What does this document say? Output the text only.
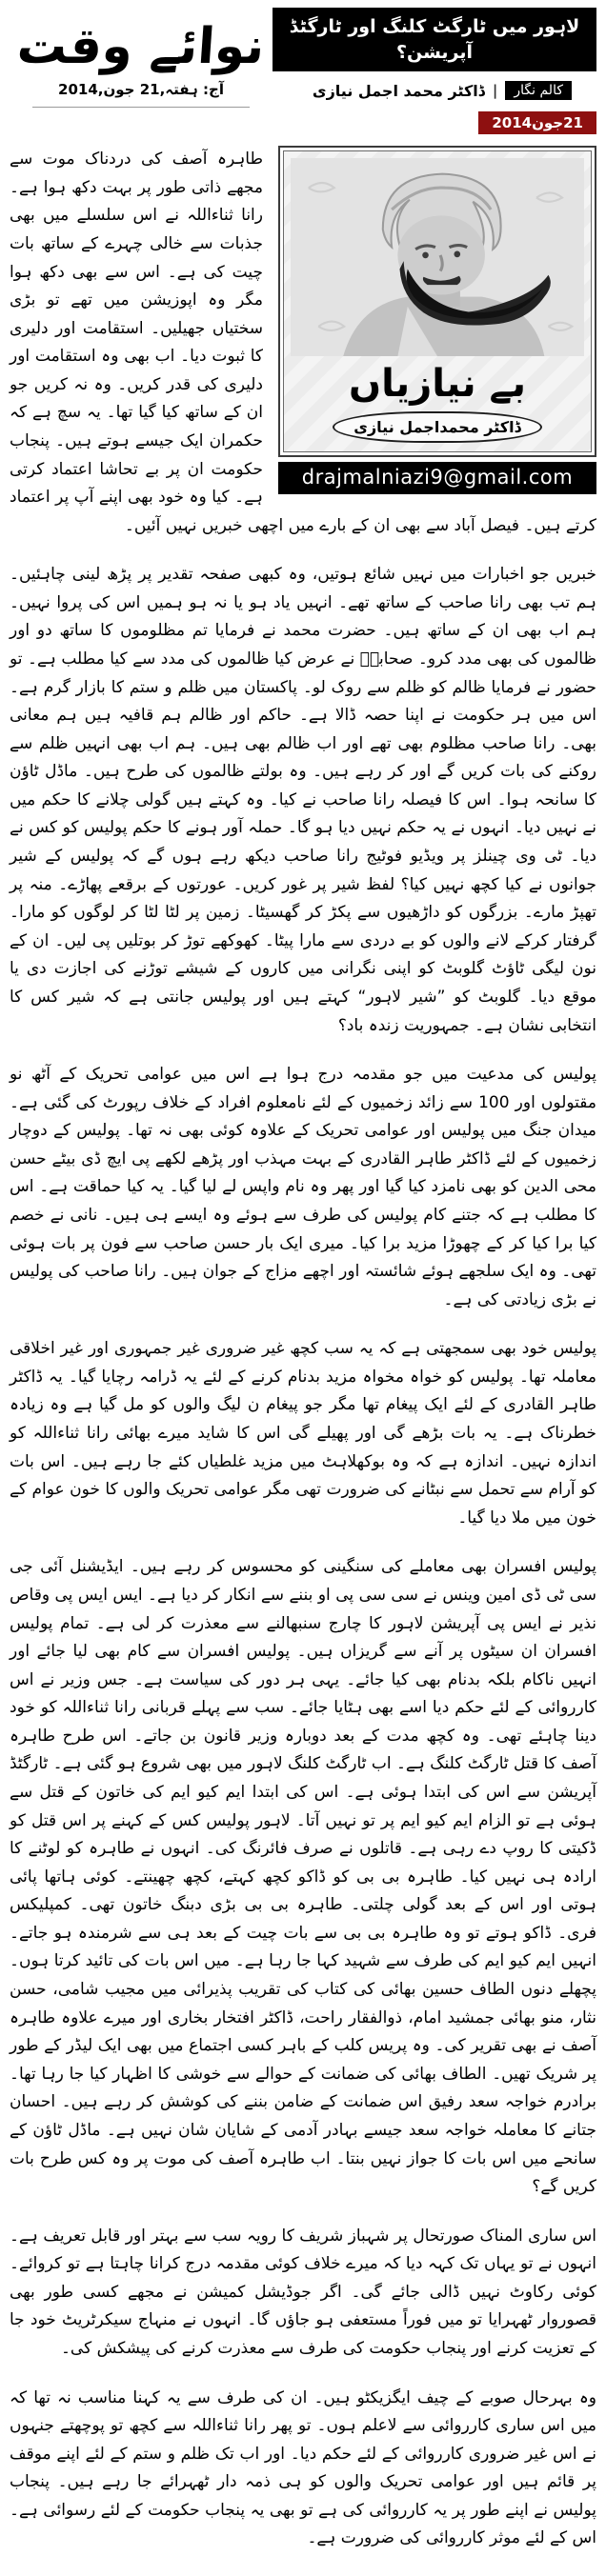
لاہور میں ٹارگٹ کلنگ اور ٹارگٹڈ آپریشن؟
کالم نگار
|
ڈاکٹر محمد اجمل نیازی
21جون2014
نوائے وقت
آج: ہفتہ,21 جون,2014
بے نیازیاں
ڈاکٹر محمداجمل نیازی
drajmalniazi9@gmail.com

طاہرہ آصف کی دردناک موت سے مجھے ذاتی طور پر بہت دکھ ہوا ہے۔ رانا ثناءاللہ نے اس سلسلے میں بھی جذبات سے خالی چہرے کے ساتھ بات چیت کی ہے۔ اس سے بھی دکھ ہوا مگر وہ اپوزیشن میں تھے تو بڑی سختیاں جھیلیں۔ استقامت اور دلیری کا ثبوت دیا۔ اب بھی وہ استقامت اور دلیری کی قدر کریں۔ وہ نہ کریں جو ان کے ساتھ کیا گیا تھا۔ یہ سچ ہے کہ حکمران ایک جیسے ہوتے ہیں۔ پنجاب حکومت ان پر بے تحاشا اعتماد کرتی ہے۔ کیا وہ خود بھی اپنے آپ پر اعتماد کرتے ہیں۔ فیصل آباد سے بھی ان کے بارے میں اچھی خبریں نہیں آئیں۔

خبریں جو اخبارات میں نہیں شائع ہوتیں، وہ کبھی صفحہ تقدیر پر پڑھ لینی چاہئیں۔ ہم تب بھی رانا صاحب کے ساتھ تھے۔ انہیں یاد ہو یا نہ ہو ہمیں اس کی پروا نہیں۔ ہم اب بھی ان کے ساتھ ہیں۔ حضرت محمد نے فرمایا تم مظلوموں کا ساتھ دو اور ظالموں کی بھی مدد کرو۔ صحابہؓ نے عرض کیا ظالموں کی مدد سے کیا مطلب ہے۔ تو حضور نے فرمایا ظالم کو ظلم سے روک لو۔ پاکستان میں ظلم و ستم کا بازار گرم ہے۔ اس میں ہر حکومت نے اپنا حصہ ڈالا ہے۔ حاکم اور ظالم ہم قافیہ ہیں ہم معانی بھی۔ رانا صاحب مظلوم بھی تھے اور اب ظالم بھی ہیں۔ ہم اب بھی انہیں ظلم سے روکنے کی بات کریں گے اور کر رہے ہیں۔ وہ بولتے ظالموں کی طرح ہیں۔ ماڈل ٹاؤن کا سانحہ ہوا۔ اس کا فیصلہ رانا صاحب نے کیا۔ وہ کہتے ہیں گولی چلانے کا حکم میں نے نہیں دیا۔ انہوں نے یہ حکم نہیں دیا ہو گا۔ حملہ آور ہونے کا حکم پولیس کو کس نے دیا۔ ٹی وی چینلز پر ویڈیو فوٹیج رانا صاحب دیکھ رہے ہوں گے کہ پولیس کے شیر جوانوں نے کیا کچھ نہیں کیا؟ لفظ شیر پر غور کریں۔ عورتوں کے برقعے پھاڑے۔ منہ پر تھپڑ مارے۔ بزرگوں کو داڑھیوں سے پکڑ کر گھسیٹا۔ زمین پر لٹا لٹا کر لوگوں کو مارا۔ گرفتار کرکے لانے والوں کو بے دردی سے مارا پیٹا۔ کھوکھے توڑ کر بوتلیں پی لیں۔ ان کے نون لیگی ٹاؤٹ گلوبٹ کو اپنی نگرانی میں کاروں کے شیشے توڑنے کی اجازت دی یا موقع دیا۔ گلوبٹ کو ”شیر لاہور“ کہتے ہیں اور پولیس جانتی ہے کہ شیر کس کا انتخابی نشان ہے۔ جمہوریت زندہ باد؟

پولیس کی مدعیت میں جو مقدمہ درج ہوا ہے اس میں عوامی تحریک کے آٹھ نو مقتولوں اور 100 سے زائد زخمیوں کے لئے نامعلوم افراد کے خلاف رپورٹ کی گئی ہے۔ میدان جنگ میں پولیس اور عوامی تحریک کے علاوہ کوئی بھی نہ تھا۔ پولیس کے دوچار زخمیوں کے لئے ڈاکٹر طاہر القادری کے بہت مہذب اور پڑھے لکھے پی ایچ ڈی بیٹے حسن محی الدین کو بھی نامزد کیا گیا اور پھر وہ نام واپس لے لیا گیا۔ یہ کیا حماقت ہے۔ اس کا مطلب ہے کہ جتنے کام پولیس کی طرف سے ہوئے وہ ایسے ہی ہیں۔ نانی نے خصم کیا برا کیا کر کے چھوڑا مزید برا کیا۔ میری ایک بار حسن صاحب سے فون پر بات ہوئی تھی۔ وہ ایک سلجھے ہوئے شائستہ اور اچھے مزاج کے جوان ہیں۔ رانا صاحب کی پولیس نے بڑی زیادتی کی ہے۔

پولیس خود بھی سمجھتی ہے کہ یہ سب کچھ غیر ضروری غیر جمہوری اور غیر اخلاقی معاملہ تھا۔ پولیس کو خواہ مخواہ مزید بدنام کرنے کے لئے یہ ڈرامہ رچایا گیا۔ یہ ڈاکٹر طاہر القادری کے لئے ایک پیغام تھا مگر جو پیغام ن لیگ والوں کو مل گیا ہے وہ زیادہ خطرناک ہے۔ یہ بات بڑھے گی اور پھیلے گی اس کا شاید میرے بھائی رانا ثناءاللہ کو اندازہ نہیں۔ اندازہ ہے کہ وہ بوکھلاہٹ میں مزید غلطیاں کئے جا رہے ہیں۔ اس بات کو آرام سے تحمل سے نبٹانے کی ضرورت تھی مگر عوامی تحریک والوں کا خون عوام کے خون میں ملا دیا گیا۔

پولیس افسران بھی معاملے کی سنگینی کو محسوس کر رہے ہیں۔ ایڈیشنل آئی جی سی ٹی ڈی امین وینس نے سی سی پی او بننے سے انکار کر دیا ہے۔ ایس ایس پی وقاص نذیر نے ایس پی آپریشن لاہور کا چارج سنبھالنے سے معذرت کر لی ہے۔ تمام پولیس افسران ان سیٹوں پر آنے سے گریزاں ہیں۔ پولیس افسران سے کام بھی لیا جائے اور انہیں ناکام بلکہ بدنام بھی کیا جائے۔ یہی ہر دور کی سیاست ہے۔ جس وزیر نے اس کارروائی کے لئے حکم دیا اسے بھی ہٹایا جائے۔ سب سے پہلے قربانی رانا ثناءاللہ کو خود دینا چاہئے تھی۔ وہ کچھ مدت کے بعد دوبارہ وزیر قانون بن جاتے۔ اس طرح طاہرہ آصف کا قتل ٹارگٹ کلنگ ہے۔ اب ٹارگٹ کلنگ لاہور میں بھی شروع ہو گئی ہے۔ ٹارگٹڈ آپریشن سے اس کی ابتدا ہوئی ہے۔ اس کی ابتدا ایم کیو ایم کی خاتون کے قتل سے ہوئی ہے تو الزام ایم کیو ایم پر تو نہیں آتا۔ لاہور پولیس کس کے کہنے پر اس قتل کو ڈکیتی کا روپ دے رہی ہے۔ قاتلوں نے صرف فائرنگ کی۔ انہوں نے طاہرہ کو لوٹنے کا ارادہ ہی نہیں کیا۔ طاہرہ بی بی کو ڈاکو کچھ کہتے، کچھ چھینتے۔ کوئی ہاتھا پائی ہوتی اور اس کے بعد گولی چلتی۔ طاہرہ بی بی بڑی دبنگ خاتون تھی۔ کمپلیکس فری۔ ڈاکو ہوتے تو وہ طاہرہ بی بی سے بات چیت کے بعد ہی سے شرمندہ ہو جاتے۔ انہیں ایم کیو ایم کی طرف سے شہید کہا جا رہا ہے۔ میں اس بات کی تائید کرتا ہوں۔ پچھلے دنوں الطاف حسین بھائی کی کتاب کی تقریب پذیرائی میں مجیب شامی، حسن نثار، منو بھائی جمشید امام، ذوالفقار راحت، ڈاکٹر افتخار بخاری اور میرے علاوہ طاہرہ آصف نے بھی تقریر کی۔ وہ پریس کلب کے باہر کسی اجتماع میں بھی ایک لیڈر کے طور پر شریک تھیں۔ الطاف بھائی کی ضمانت کے حوالے سے خوشی کا اظہار کیا جا رہا تھا۔ برادرم خواجہ سعد رفیق اس ضمانت کے ضامن بننے کی کوشش کر رہے ہیں۔ احسان جتانے کا معاملہ خواجہ سعد جیسے بہادر آدمی کے شایان شان نہیں ہے۔ ماڈل ٹاؤن کے سانحے میں اس بات کا جواز نہیں بنتا۔ اب طاہرہ آصف کی موت پر وہ کس طرح بات کریں گے؟

اس ساری المناک صورتحال پر شہباز شریف کا رویہ سب سے بہتر اور قابل تعریف ہے۔ انہوں نے تو یہاں تک کہہ دیا کہ میرے خلاف کوئی مقدمہ درج کرانا چاہتا ہے تو کروائے۔ کوئی رکاوٹ نہیں ڈالی جائے گی۔ اگر جوڈیشل کمیشن نے مجھے کسی طور بھی قصوروار ٹھہرایا تو میں فوراً مستعفی ہو جاؤں گا۔ انہوں نے منہاج سیکرٹریٹ خود جا کے تعزیت کرنے اور پنجاب حکومت کی طرف سے معذرت کرنے کی پیشکش کی۔

وہ بہرحال صوبے کے چیف ایگزیکٹو ہیں۔ ان کی طرف سے یہ کہنا مناسب نہ تھا کہ میں اس ساری کارروائی سے لاعلم ہوں۔ تو پھر رانا ثناءاللہ سے کچھ تو پوچھتے جنہوں نے اس غیر ضروری کارروائی کے لئے حکم دیا۔ اور اب تک ظلم و ستم کے لئے اپنے موقف پر قائم ہیں اور عوامی تحریک والوں کو ہی ذمہ دار ٹھہرائے جا رہے ہیں۔ پنجاب پولیس نے اپنے طور پر یہ کارروائی کی ہے تو بھی یہ پنجاب حکومت کے لئے رسوائی ہے۔ اس کے لئے موثر کارروائی کی ضرورت ہے۔
